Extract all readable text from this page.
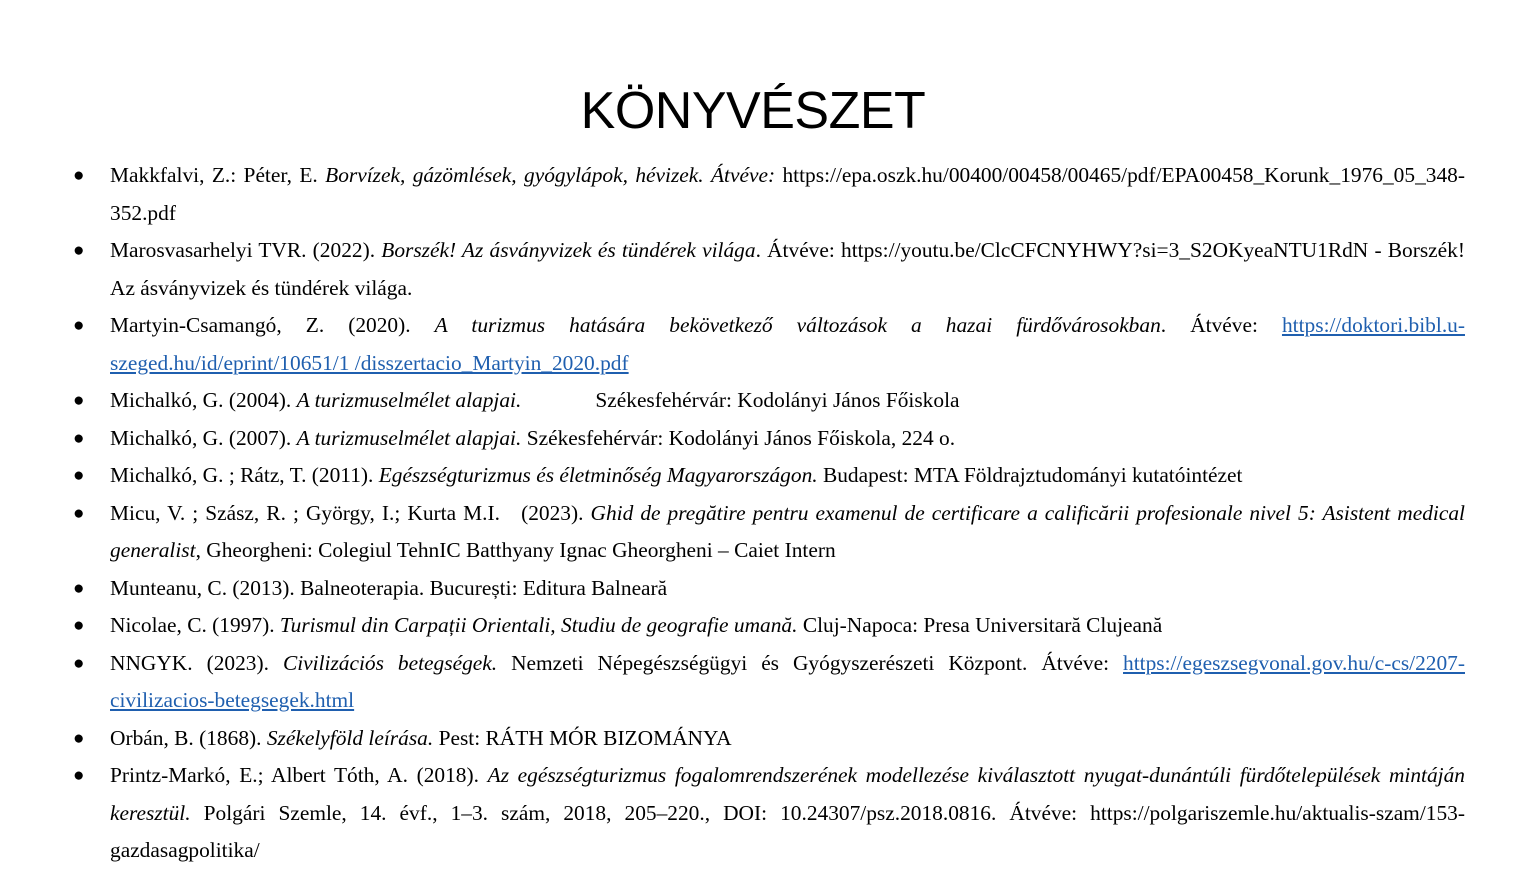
KÖNYVÉSZET
● Makkfalvi, Z.: Péter, E. Borvízek, gázömlések, gyógylápok, hévizek. Átvéve: https://epa.oszk.hu/00400/00458/00465/pdf/EPA00458_Korunk_1976_05_348-352.pdf
● Marosvasarhelyi TVR. (2022). Borszék! Az ásványvizek és tündérek világa. Átvéve: https://youtu.be/ClcCFCNYHWY?si=3_S2OKyeaNTU1RdN - Borszék! Az ásványvizek és tündérek világa.
● Martyin-Csamangó, Z. (2020). A turizmus hatására bekövetkező változások a hazai fürdővárosokban. Átvéve: https://doktori.bibl.u-szeged.hu/id/eprint/10651/1 /disszertacio_Martyin_2020.pdf
● Michalkó, G. (2004). A turizmuselmélet alapjai.	Székesfehérvár: Kodolányi János Főiskola
● Michalkó, G. (2007). A turizmuselmélet alapjai. Székesfehérvár: Kodolányi János Főiskola, 224 o.
● Michalkó, G. ; Rátz, T. (2011). Egészségturizmus és életminőség Magyarországon. Budapest: MTA Földrajztudományi kutatóintézet
● Micu, V. ; Szász, R. ; György, I.; Kurta M.I.   (2023). Ghid de pregătire pentru examenul de certificare a calificării profesionale nivel 5: Asistent medical generalist, Gheorgheni: Colegiul TehnIC Batthyany Ignac Gheorgheni – Caiet Intern
● Munteanu, C. (2013). Balneoterapia. București: Editura Balneară
● Nicolae, C. (1997). Turismul din Carpații Orientali, Studiu de geografie umană. Cluj-Napoca: Presa Universitară Clujeană
● NNGYK. (2023). Civilizációs betegségek. Nemzeti Népegészségügyi és Gyógyszerészeti Központ. Átvéve: https://egeszsegvonal.gov.hu/c-cs/2207-civilizacios-betegsegek.html
● Orbán, B. (1868). Székelyföld leírása. Pest: RÁTH MÓR BIZOMÁNYA
● Printz-Markó, E.; Albert Tóth, A. (2018). Az egészségturizmus fogalomrendszerének modellezése kiválasztott nyugat-dunántúli fürdőtelepülések mintáján keresztül. Polgári Szemle, 14. évf., 1–3. szám, 2018, 205–220., DOI: 10.24307/psz.2018.0816. Átvéve: https://polgariszemle.hu/aktualis-szam/153-gazdasagpolitika/
